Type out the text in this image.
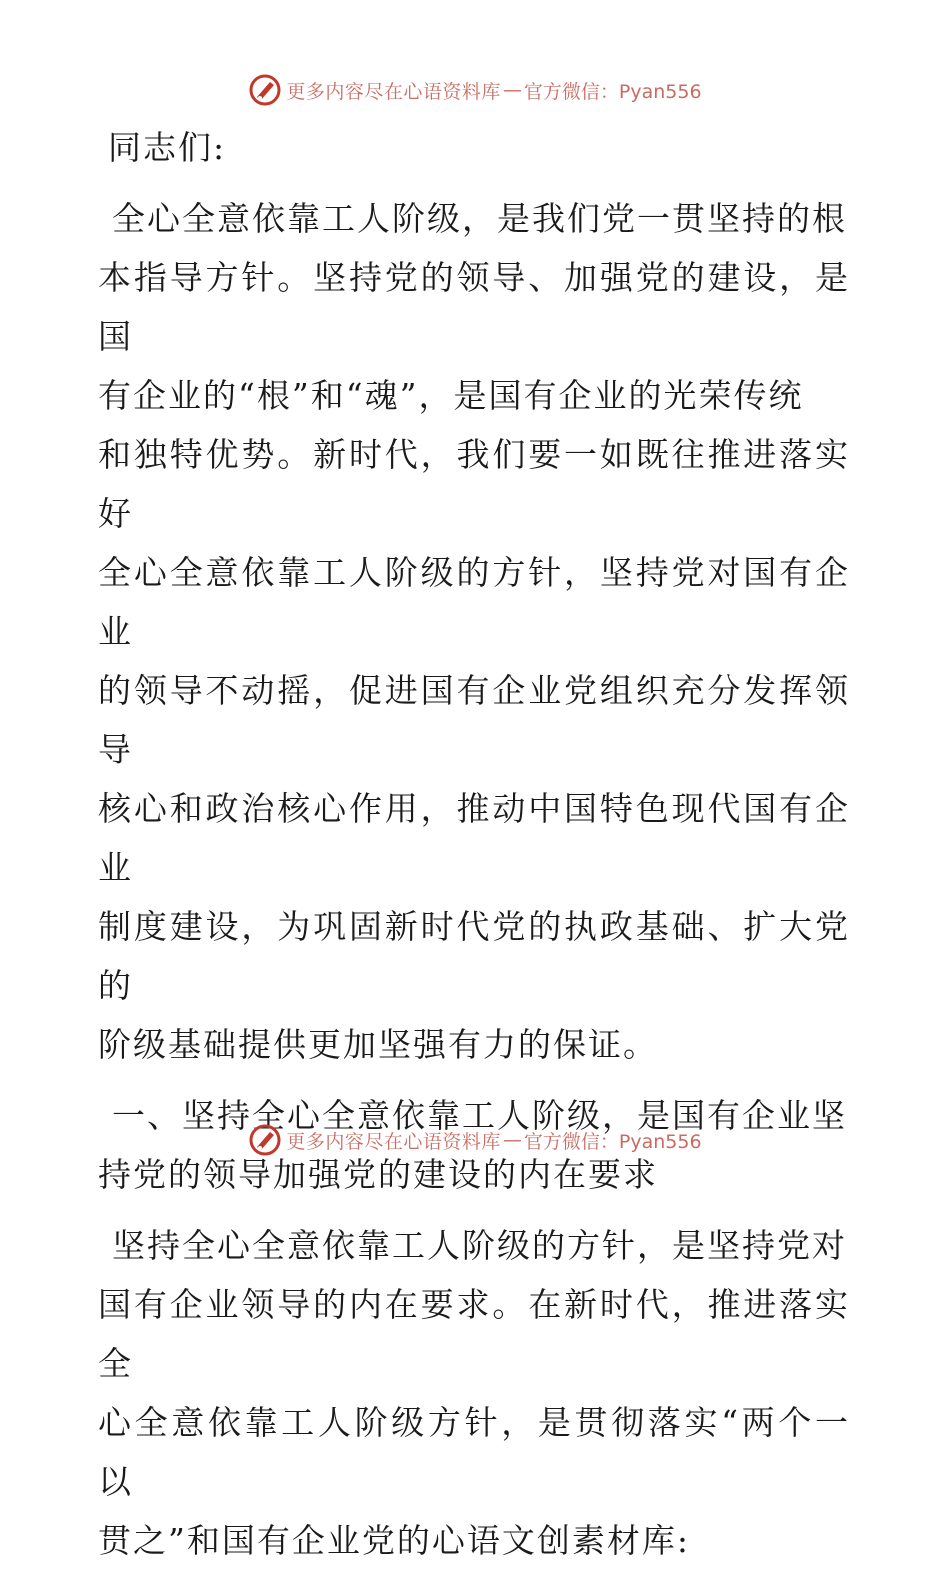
更多内容尽在心语资料库 — 官方微信：Pyan556

同志们:

全心全意依靠工人阶级，是我们党一贯坚持的根
本指导方针。坚持党的领导、加强党的建设，是国
有企业的“根”和“魂”，是国有企业的光荣传统
和独特优势。新时代，我们要一如既往推进落实好
全心全意依靠工人阶级的方针，坚持党对国有企业
的领导不动摇，促进国有企业党组织充分发挥领导
核心和政治核心作用，推动中国特色现代国有企业
制度建设，为巩固新时代党的执政基础、扩大党的
阶级基础提供更加坚强有力的保证。
一、坚持全心全意依靠工人阶级，是国有企业坚
持党的领导加强党的建设的内在要求
坚持全心全意依靠工人阶级的方针，是坚持党对
国有企业领导的内在要求。在新时代，推进落实全
心全意依靠工人阶级方针，是贯彻落实“两个一以
贯之”和国有企业党的心语文创素材库:
更多内容尽在心语资料库 — 官方微信：Pyan556
